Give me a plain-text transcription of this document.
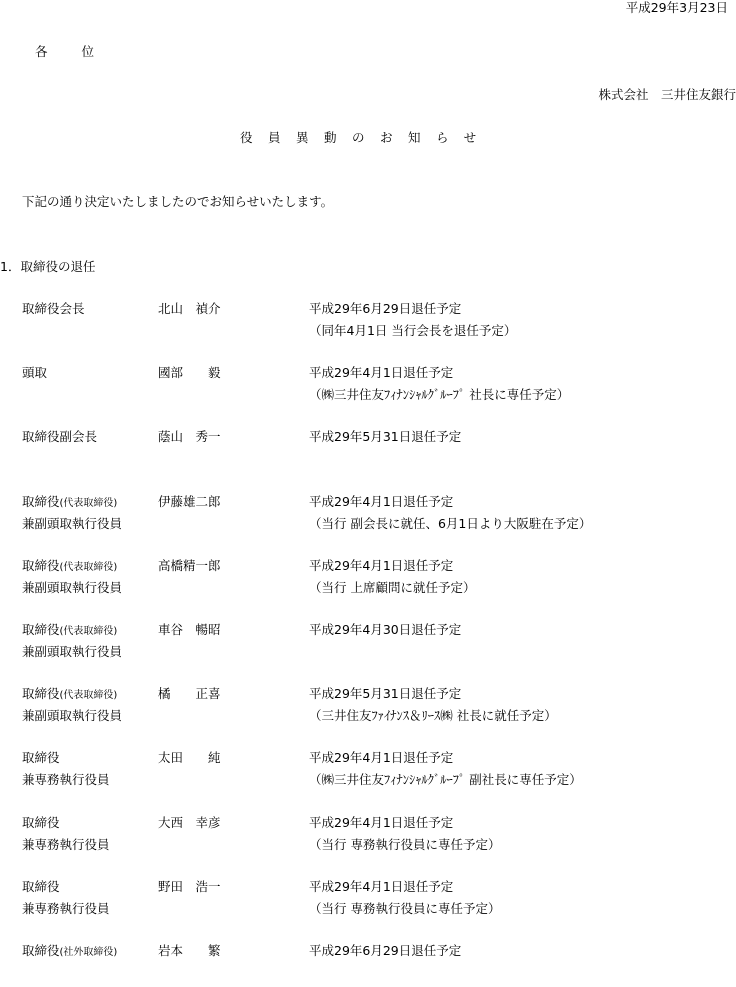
平成29年3月23日
各位
株式会社　三井住友銀行
役員異動のお知らせ
下記の通り決定いたしましたのでお知らせいたします。
1．取締役の退任
取締役会長	北山　禎介	平成29年6月29日退任予定
（同年4月1日 当行会長を退任予定）
頭取	國部　　毅	平成29年4月1日退任予定
（㈱三井住友ﾌｨﾅﾝｼｬﾙｸﾞﾙｰﾌﾟ 社長に専任予定）
取締役副会長	蔭山　秀一	平成29年5月31日退任予定
取締役(代表取締役)
兼副頭取執行役員
伊藤雄二郎	平成29年4月1日退任予定
（当行 副会長に就任、6月1日より大阪駐在予定）
取締役(代表取締役)
兼副頭取執行役員
高橋精一郎	平成29年4月1日退任予定
（当行 上席顧問に就任予定）
取締役(代表取締役)
兼副頭取執行役員
車谷　暢昭	平成29年4月30日退任予定
取締役(代表取締役)
兼副頭取執行役員
橘　　正喜	平成29年5月31日退任予定
（三井住友ﾌｧｲﾅﾝｽ＆ﾘｰｽ㈱ 社長に就任予定）
取締役
兼専務執行役員
太田　　純	平成29年4月1日退任予定
（㈱三井住友ﾌｨﾅﾝｼｬﾙｸﾞﾙｰﾌﾟ 副社長に専任予定）
取締役
兼専務執行役員
大西　幸彦	平成29年4月1日退任予定
（当行 専務執行役員に専任予定）
取締役
兼専務執行役員
野田　浩一	平成29年4月1日退任予定
（当行 専務執行役員に専任予定）
取締役(社外取締役)	岩本　　繁	平成29年6月29日退任予定
